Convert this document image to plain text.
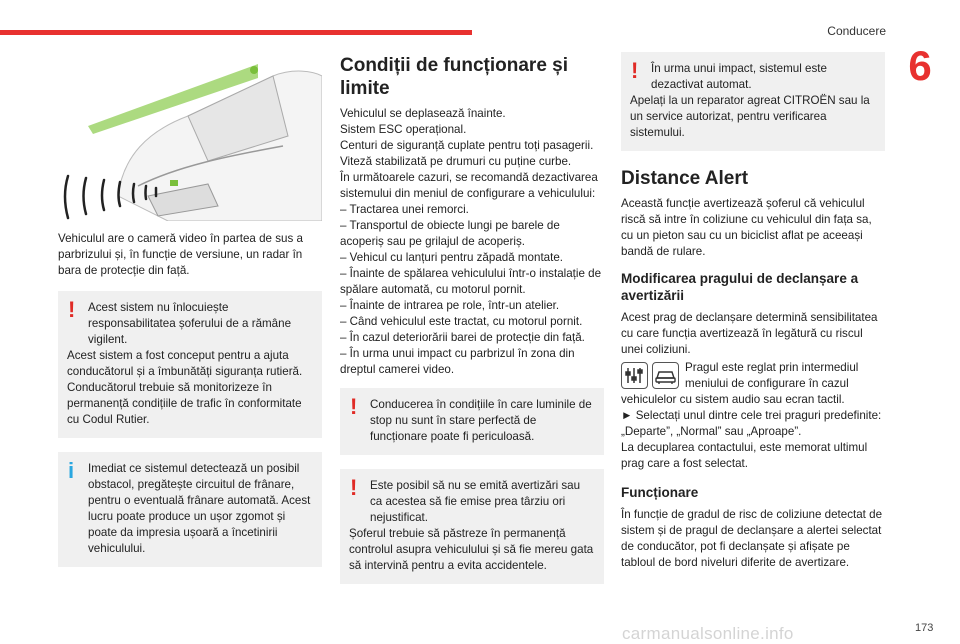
Conducere
6

Vehiculul are o cameră video în partea de sus a parbrizului și, în funcție de versiune, un radar în bara de protecție din față.

!	Acest sistem nu înlocuiește responsabilitatea șoferului de a rămâne vigilent.

Acest sistem a fost conceput pentru a ajuta conducătorul și a îmbunătăți siguranța rutieră.

Conducătorul trebuie să monitorizeze în permanență condițiile de trafic în conformitate cu Codul Rutier.

i	Imediat ce sistemul detectează un posibil obstacol, pregătește circuitul de frânare, pentru o eventuală frânare automată. Acest lucru poate produce un ușor zgomot și poate da impresia ușoară a încetinirii vehiculului.

Condiții de funcționare și limite

Vehiculul se deplasează înainte.

Sistem ESC operațional.

Centuri de siguranță cuplate pentru toți pasagerii.

Viteză stabilizată pe drumuri cu puține curbe.

În următoarele cazuri, se recomandă dezactivarea sistemului din meniul de configurare a vehiculului:

– Tractarea unei remorci.

– Transportul de obiecte lungi pe barele de acoperiș sau pe grilajul de acoperiș.

– Vehicul cu lanțuri pentru zăpadă montate.

– Înainte de spălarea vehiculului într-o instalație de spălare automată, cu motorul pornit.

– Înainte de intrarea pe role, într-un atelier.

– Când vehiculul este tractat, cu motorul pornit.

– În cazul deteriorării barei de protecție din față.

– În urma unui impact cu parbrizul în zona din dreptul camerei video.

!	Conducerea în condițiile în care luminile de stop nu sunt în stare perfectă de funcționare poate fi periculoasă.

!	Este posibil să nu se emită avertizări sau ca acestea să fie emise prea târziu ori nejustificat.

Șoferul trebuie să păstreze în permanență controlul asupra vehiculului și să fie mereu gata să intervină pentru a evita accidentele.

!	În urma unui impact, sistemul este dezactivat automat.

Apelați la un reparator agreat CITROËN sau la un service autorizat, pentru verificarea sistemului.

Distance Alert

Această funcție avertizează șoferul că vehiculul riscă să intre în coliziune cu vehiculul din fața sa, cu un pieton sau cu un biciclist aflat pe aceeași bandă de rulare.

Modificarea pragului de declanșare a avertizării

Acest prag de declanșare determină sensibilitatea cu care funcția avertizează în legătură cu riscul unei coliziuni.

Pragul este reglat prin intermediul meniului de configurare în cazul vehiculelor cu sistem audio sau ecran tactil.

► Selectați unul dintre cele trei praguri predefinite: „Departe”, „Normal” sau „Aproape”.

La decuplarea contactului, este memorat ultimul prag care a fost selectat.

Funcționare

În funcție de gradul de risc de coliziune detectat de sistem și de pragul de declanșare a alertei selectat de conducător, pot fi declanșate și afișate pe tabloul de bord niveluri diferite de avertizare.

carmanualsonline.info	173
